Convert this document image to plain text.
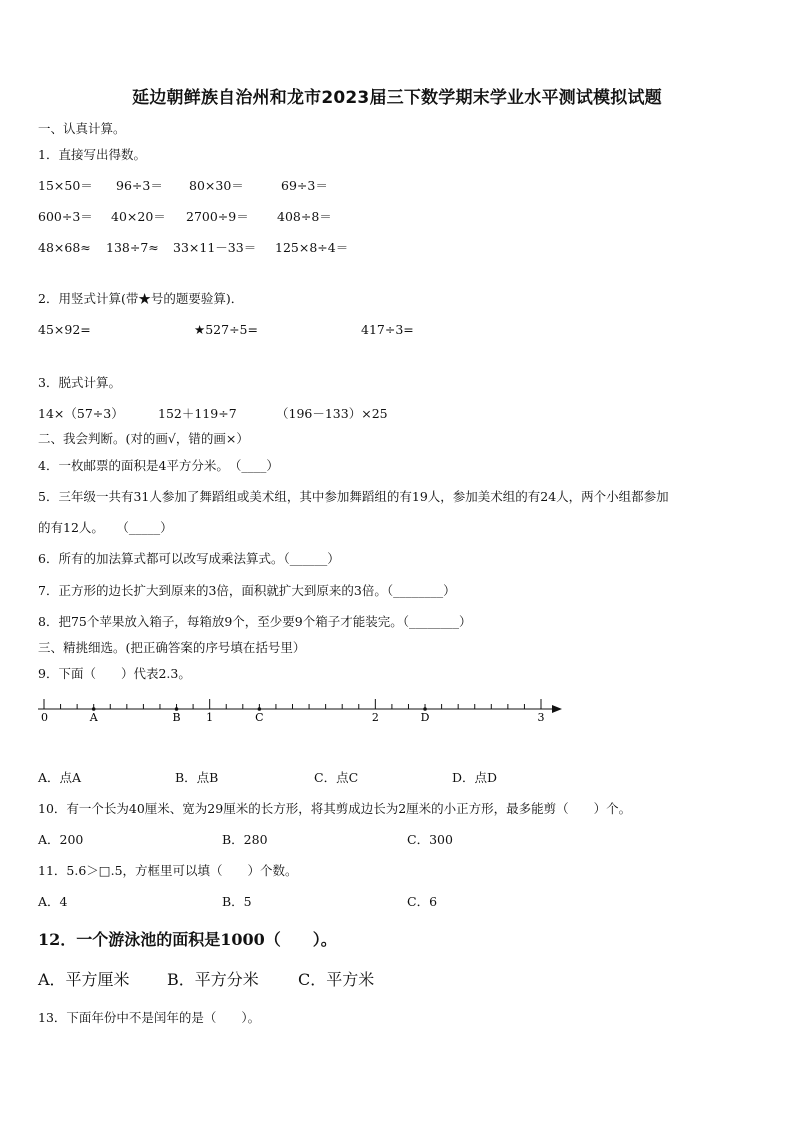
延边朝鲜族自治州和龙市2023届三下数学期末学业水平测试模拟试题
一、认真计算。
1．直接写出得数。
15×50＝ 96÷3＝ 80×30＝	69÷3＝
600÷3＝ 40×20＝ 2700÷9＝ 408÷8＝
48×68≈ 138÷7≈ 33×11－33＝ 125×8÷4＝
2．用竖式计算(带★号的题要验算)．
45×92=	★527÷5=	417÷3=
3．脱式计算。
14×（57÷3）	152＋119÷7	（196－133）×25
二、我会判断。(对的画√，错的画×）
4．一枚邮票的面积是4平方分米。　（____）
5．三年级一共有31人参加了舞蹈组或美术组，其中参加舞蹈组的有19人，参加美术组的有24人，两个小组都参加
的有12人。　　（_____）
6．所有的加法算式都可以改写成乘法算式。（______）
7．正方形的边长扩大到原来的3倍，面积就扩大到原来的3倍。（________）
8．把75个苹果放入箱子，每箱放9个，至少要9个箱子才能装完。（________）
三、精挑细选。(把正确答案的序号填在括号里）
9．下面（　　）代表2.3。
0	1	2	3
A	B	C	D
A．点A	B．点B	C．点C	D．点D
10．有一个长为40厘米、宽为29厘米的长方形，将其剪成边长为2厘米的小正方形，最多能剪（　　）个。
A．200	B．280	C．300
11．5.6＞□.5，方框里可以填（　　）个数。
A．4	B．5	C．6
12．一个游泳池的面积是1000（　　）。
A．平方厘米 B．平方分米 C．平方米
13．下面年份中不是闰年的是（　　）。
